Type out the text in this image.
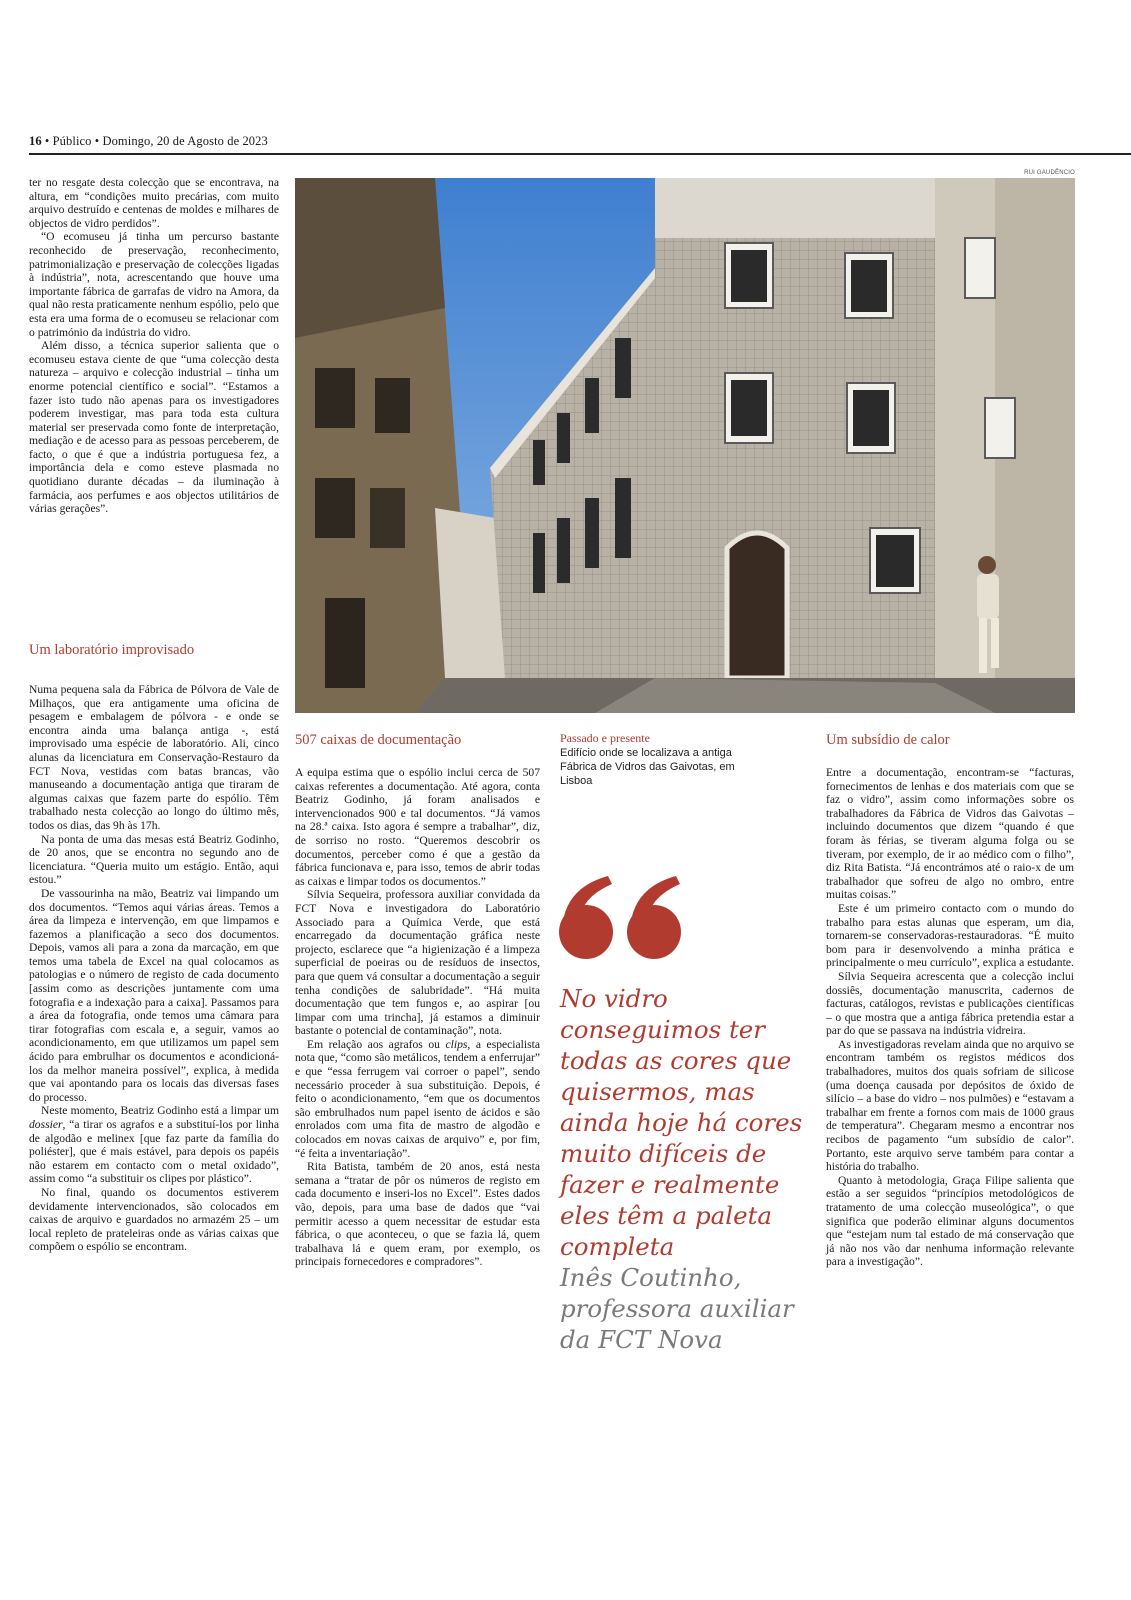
16 • Público • Domingo, 20 de Agosto de 2023

ter no resgate desta colecção que se encontrava, na altura, em “condições muito precárias, com muito arquivo destruído e centenas de moldes e milhares de objectos de vidro perdidos”.

“O ecomuseu já tinha um percurso bastante reconhecido de preservação, reconhecimento, patrimonialização e preservação de colecções ligadas à indústria”, nota, acrescentando que houve uma importante fábrica de garrafas de vidro na Amora, da qual não resta praticamente nenhum espólio, pelo que esta era uma forma de o ecomuseu se relacionar com o património da indústria do vidro.

Além disso, a técnica superior salienta que o ecomuseu estava ciente de que “uma colecção desta natureza – arquivo e colecção industrial – tinha um enorme potencial científico e social”. “Estamos a fazer isto tudo não apenas para os investigadores poderem investigar, mas para toda esta cultura material ser preservada como fonte de interpretação, mediação e de acesso para as pessoas perceberem, de facto, o que é que a indústria portuguesa fez, a importância dela e como esteve plasmada no quotidiano durante décadas – da iluminação à farmácia, aos perfumes e aos objectos utilitários de várias gerações”.

Um laboratório improvisado

Numa pequena sala da Fábrica de Pólvora de Vale de Milhaços, que era antigamente uma oficina de pesagem e embalagem de pólvora - e onde se encontra ainda uma balança antiga -, está improvisado uma espécie de laboratório. Ali, cinco alunas da licenciatura em Conservação-Restauro da FCT Nova, vestidas com batas brancas, vão manuseando a documentação antiga que tiraram de algumas caixas que fazem parte do espólio. Têm trabalhado nesta colecção ao longo do último mês, todos os dias, das 9h às 17h.

Na ponta de uma das mesas está Beatriz Godinho, de 20 anos, que se encontra no segundo ano de licenciatura. “Queria muito um estágio. Então, aqui estou.”

De vassourinha na mão, Beatriz vai limpando um dos documentos. “Temos aqui várias áreas. Temos a área da limpeza e intervenção, em que limpamos e fazemos a planificação a seco dos documentos. Depois, vamos ali para a zona da marcação, em que temos uma tabela de Excel na qual colocamos as patologias e o número de registo de cada documento [assim como as descrições juntamente com uma fotografia e a indexação para a caixa]. Passamos para a área da fotografia, onde temos uma câmara para tirar fotografias com escala e, a seguir, vamos ao acondicionamento, em que utilizamos um papel sem ácido para embrulhar os documentos e acondicioná-los da melhor maneira possível”, explica, à medida que vai apontando para os locais das diversas fases do processo.

Neste momento, Beatriz Godinho está a limpar um dossier, “a tirar os agrafos e a substituí-los por linha de algodão e melinex [que faz parte da família do poliéster], que é mais estável, para depois os papéis não estarem em contacto com o metal oxidado”, assim como “a substituir os clipes por plástico”.

No final, quando os documentos estiverem devidamente intervencionados, são colocados em caixas de arquivo e guardados no armazém 25 – um local repleto de prateleiras onde as várias caixas que compõem o espólio se encontram.

RUI GAUDÊNCIO
507 caixas de documentação

A equipa estima que o espólio inclui cerca de 507 caixas referentes a documentação. Até agora, conta Beatriz Godinho, já foram analisados e intervencionados 900 e tal documentos. “Já vamos na 28.ª caixa. Isto agora é sempre a trabalhar”, diz, de sorriso no rosto. “Queremos descobrir os documentos, perceber como é que a gestão da fábrica funcionava e, para isso, temos de abrir todas as caixas e limpar todos os documentos.”

Sílvia Sequeira, professora auxiliar convidada da FCT Nova e investigadora do Laboratório Associado para a Química Verde, que está encarregado da documentação gráfica neste projecto, esclarece que “a higienização é a limpeza superficial de poeiras ou de resíduos de insectos, para que quem vá consultar a documentação a seguir tenha condições de salubridade”. “Há muita documentação que tem fungos e, ao aspirar [ou limpar com uma trincha], já estamos a diminuir bastante o potencial de contaminação”, nota.

Em relação aos agrafos ou clips, a especialista nota que, “como são metálicos, tendem a enferrujar” e que “essa ferrugem vai corroer o papel”, sendo necessário proceder à sua substituição. Depois, é feito o acondicionamento, “em que os documentos são embrulhados num papel isento de ácidos e são enrolados com uma fita de mastro de algodão e colocados em novas caixas de arquivo” e, por fim, “é feita a inventariação”.

Rita Batista, também de 20 anos, está nesta semana a “tratar de pôr os números de registo em cada documento e inseri-los no Excel”. Estes dados vão, depois, para uma base de dados que “vai permitir acesso a quem necessitar de estudar esta fábrica, o que aconteceu, o que se fazia lá, quem trabalhava lá e quem eram, por exemplo, os principais fornecedores e compradores”.

Passado e presente
Edifício onde se localizava a antiga Fábrica de Vidros das Gaivotas, em Lisboa
No vidro conseguimos ter todas as cores que quisermos, mas ainda hoje há cores muito difíceis de fazer e realmente eles têm a paleta completa
Inês Coutinho, professora auxiliar da FCT Nova
Um subsídio de calor

Entre a documentação, encontram-se “facturas, fornecimentos de lenhas e dos materiais com que se faz o vidro”, assim como informações sobre os trabalhadores da Fábrica de Vidros das Gaivotas – incluindo documentos que dizem “quando é que foram às férias, se tiveram alguma folga ou se tiveram, por exemplo, de ir ao médico com o filho”, diz Rita Batista. “Já encontrámos até o raio-x de um trabalhador que sofreu de algo no ombro, entre muitas coisas.”

Este é um primeiro contacto com o mundo do trabalho para estas alunas que esperam, um dia, tornarem-se conservadoras-restauradoras. “É muito bom para ir desenvolvendo a minha prática e principalmente o meu currículo”, explica a estudante.

Sílvia Sequeira acrescenta que a colecção inclui dossiês, documentação manuscrita, cadernos de facturas, catálogos, revistas e publicações científicas – o que mostra que a antiga fábrica pretendia estar a par do que se passava na indústria vidreira.

As investigadoras revelam ainda que no arquivo se encontram também os registos médicos dos trabalhadores, muitos dos quais sofriam de silicose (uma doença causada por depósitos de óxido de silício – a base do vidro – nos pulmões) e “estavam a trabalhar em frente a fornos com mais de 1000 graus de temperatura”. Chegaram mesmo a encontrar nos recibos de pagamento “um subsídio de calor”. Portanto, este arquivo serve também para contar a história do trabalho.

Quanto à metodologia, Graça Filipe salienta que estão a ser seguidos “princípios metodológicos de tratamento de uma colecção museológica”, o que significa que poderão eliminar alguns documentos que “estejam num tal estado de má conservação que já não nos vão dar nenhuma informação relevante para a investigação”.
